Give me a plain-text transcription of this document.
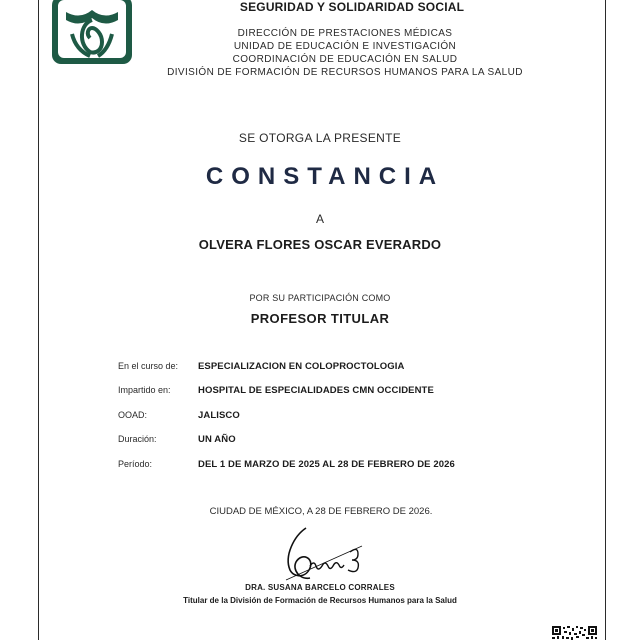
SEGURIDAD Y SOLIDARIDAD SOCIAL
DIRECCIÓN DE PRESTACIONES MÉDICAS
UNIDAD DE EDUCACIÓN E INVESTIGACIÓN
COORDINACIÓN DE EDUCACIÓN EN SALUD
DIVISIÓN DE FORMACIÓN DE RECURSOS HUMANOS PARA LA SALUD
SE OTORGA LA PRESENTE
CONSTANCIA
A
OLVERA FLORES OSCAR EVERARDO
POR SU PARTICIPACIÓN COMO
PROFESOR TITULAR
En el curso de: ESPECIALIZACION EN COLOPROCTOLOGIA
Impartido en:	HOSPITAL DE ESPECIALIDADES CMN OCCIDENTE
OOAD:	JALISCO
Duración:	UN AÑO
Período:	DEL 1 DE MARZO DE 2025 AL 28 DE FEBRERO DE 2026
CIUDAD DE MÉXICO, A 28 DE FEBRERO DE 2026.
DRA. SUSANA BARCELO CORRALES
Titular de la División de Formación de Recursos Humanos para la Salud
